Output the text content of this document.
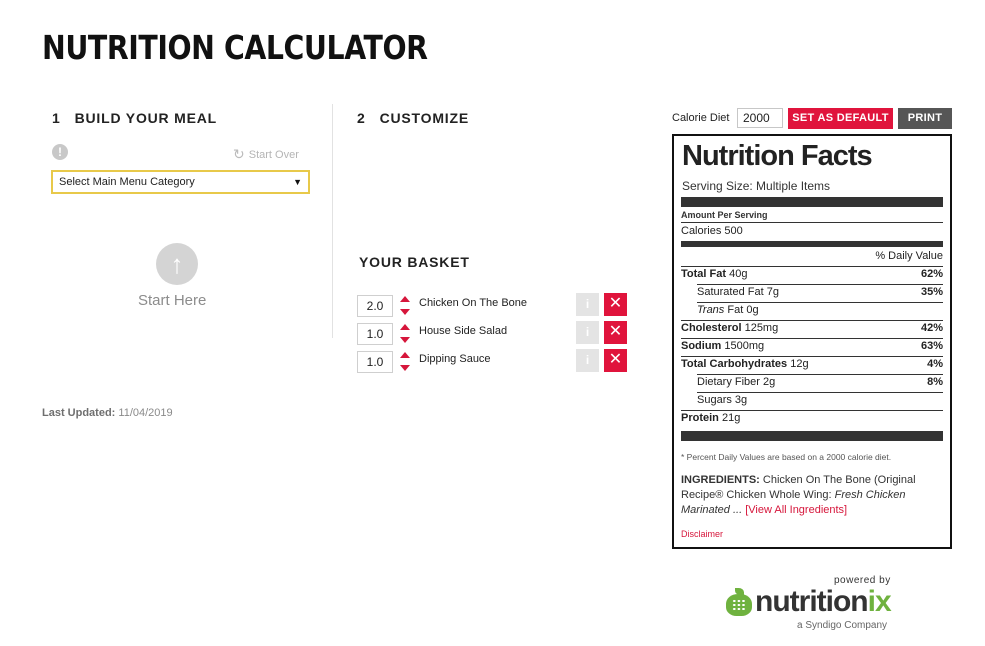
NUTRITION CALCULATOR
1 BUILD YOUR MEAL	2 CUSTOMIZE
!	↻ Start Over
Select Main Menu Category	▼
↑
Start Here
Last Updated: 11/04/2019
YOUR BASKET
2.0	Chicken On The Bone	i	✕
1.0	House Side Salad	i	✕
1.0	Dipping Sauce	i	✕
Calorie Diet	2000	SET AS DEFAULT	PRINT
Nutrition Facts
Serving Size: Multiple Items
Amount Per Serving
Calories 500
% Daily Value
Total Fat 40g	62%
Saturated Fat 7g	35%
Trans Fat 0g
Cholesterol 125mg	42%
Sodium 1500mg	63%
Total Carbohydrates 12g	4%
Dietary Fiber 2g	8%
Sugars 3g
Protein 21g
* Percent Daily Values are based on a 2000 calorie diet.
INGREDIENTS: Chicken On The Bone (Original Recipe® Chicken Whole Wing: Fresh Chicken Marinated ... [View All Ingredients]
Disclaimer
powered by
nutritionix
a Syndigo Company
